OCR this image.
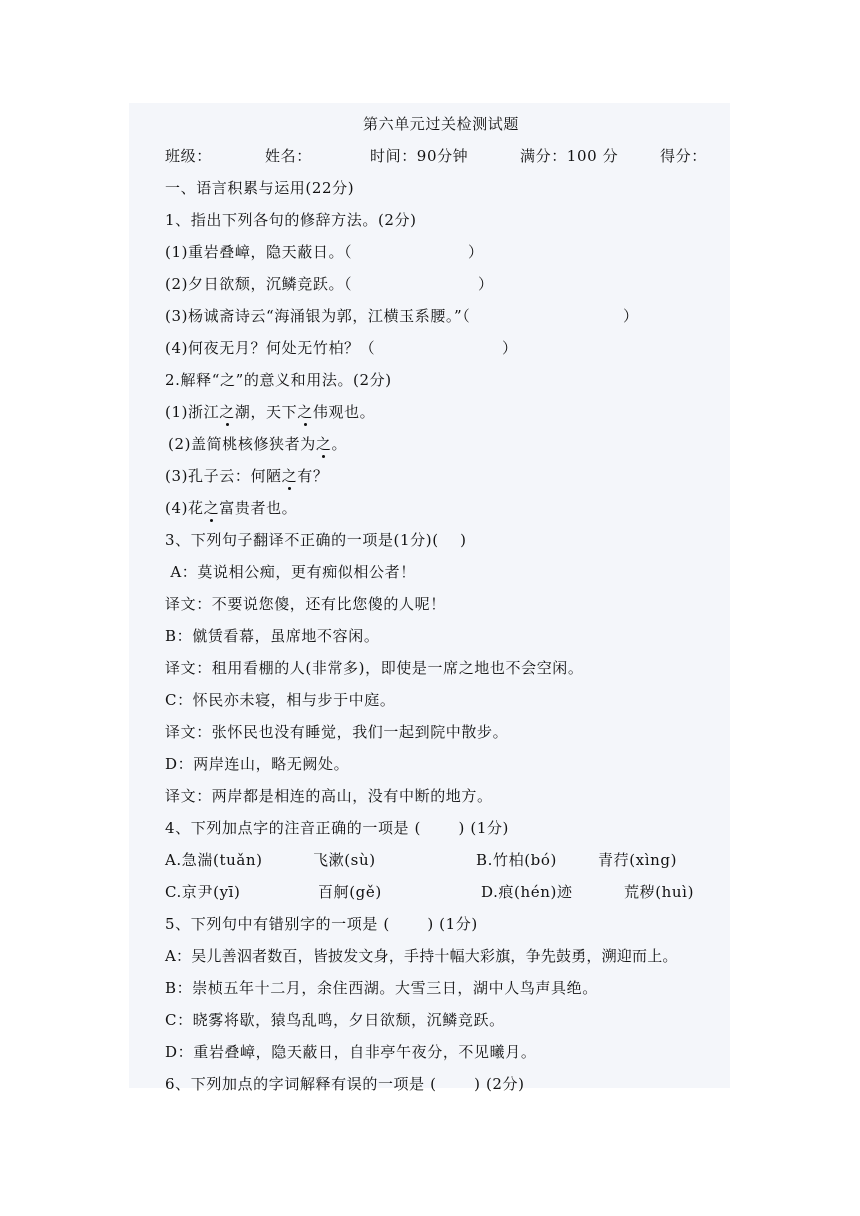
第六单元过关检测试题
班级：	姓名：	时间：90分钟	满分：100 分	得分：
一、语言积累与运用(22分)
1、指出下列各句的修辞方法。(2分)
(1)重岩叠嶂，隐天蔽日。（	）
(2)夕日欲颓，沉鳞竞跃。（	）
(3)杨诚斋诗云“海涌银为郭，江横玉系腰。”（	）
(4)何夜无月？何处无竹柏？（	）
2.解释“之”的意义和用法。(2分)
(1)浙江之潮，天下之伟观也。
(2)盖简桃核修狭者为之。
(3)孔子云：何陋之有？
(4)花之富贵者也。
3、下列句子翻译不正确的一项是(1分)(    )
A：莫说相公痴，更有痴似相公者！
译文：不要说您傻，还有比您傻的人呢！
B：僦赁看幕，虽席地不容闲。
译文：租用看棚的人(非常多)，即使是一席之地也不会空闲。
C：怀民亦未寝，相与步于中庭。
译文：张怀民也没有睡觉，我们一起到院中散步。
D：两岸连山，略无阙处。
译文：两岸都是相连的高山，没有中断的地方。
4、下列加点字的注音正确的一项是 (       ) (1分)
A.急湍(tuǎn)	飞漱(sù)	B.竹柏(bó)	青荇(xìng)
C.京尹(yī)	百舸(gě)	D.痕(hén)迹	荒秽(huì)
5、下列句中有错别字的一项是 (       ) (1分)
A：吴儿善泅者数百，皆披发文身，手持十幅大彩旗，争先鼓勇，溯迎而上。
B：崇桢五年十二月，余住西湖。大雪三日，湖中人鸟声具绝。
C：晓雾将歇，猿鸟乱鸣，夕日欲颓，沉鳞竞跃。
D：重岩叠嶂，隐天蔽日，自非亭午夜分，不见曦月。
6、下列加点的字词解释有误的一项是 (       ) (2分)
